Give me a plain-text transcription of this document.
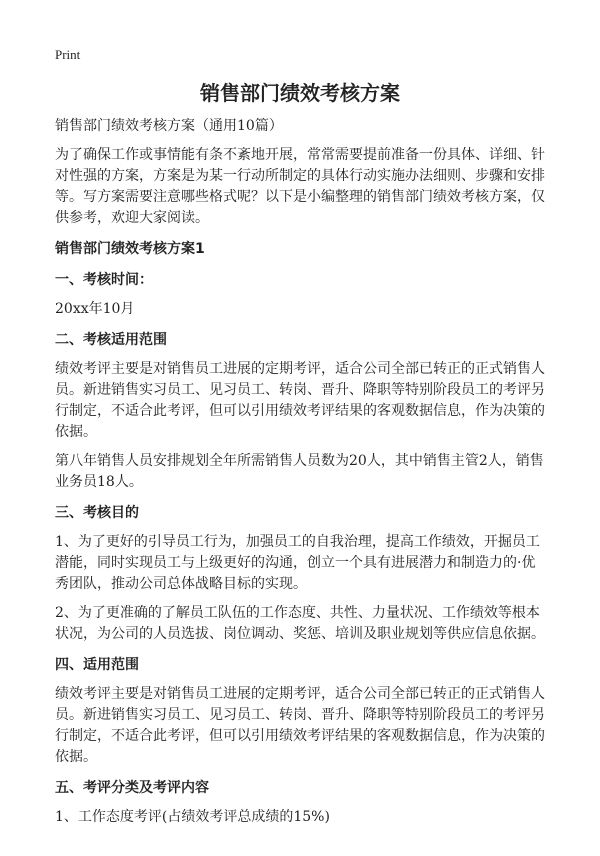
Print
销售部门绩效考核方案
销售部门绩效考核方案（通用10篇）
为了确保工作或事情能有条不紊地开展，常常需要提前准备一份具体、详细、针对性强的方案，方案是为某一行动所制定的具体行动实施办法细则、步骤和安排等。写方案需要注意哪些格式呢？以下是小编整理的销售部门绩效考核方案，仅供参考，欢迎大家阅读。
销售部门绩效考核方案1
一、考核时间：
20xx年10月
二、考核适用范围
绩效考评主要是对销售员工进展的定期考评，适合公司全部已转正的正式销售人员。新进销售实习员工、见习员工、转岗、晋升、降职等特别阶段员工的考评另行制定，不适合此考评，但可以引用绩效考评结果的客观数据信息，作为决策的依据。
第八年销售人员安排规划全年所需销售人员数为20人，其中销售主管2人，销售业务员18人。
三、考核目的
1、为了更好的引导员工行为，加强员工的自我治理，提高工作绩效，开掘员工潜能，同时实现员工与上级更好的沟通，创立一个具有进展潜力和制造力的·优秀团队，推动公司总体战略目标的实现。
2、为了更准确的了解员工队伍的工作态度、共性、力量状况、工作绩效等根本状况，为公司的人员选拔、岗位调动、奖惩、培训及职业规划等供应信息依据。
四、适用范围
绩效考评主要是对销售员工进展的定期考评，适合公司全部已转正的正式销售人员。新进销售实习员工、见习员工、转岗、晋升、降职等特别阶段员工的考评另行制定，不适合此考评，但可以引用绩效考评结果的客观数据信息，作为决策的依据。
五、考评分类及考评内容
1、工作态度考评(占绩效考评总成绩的15%)
